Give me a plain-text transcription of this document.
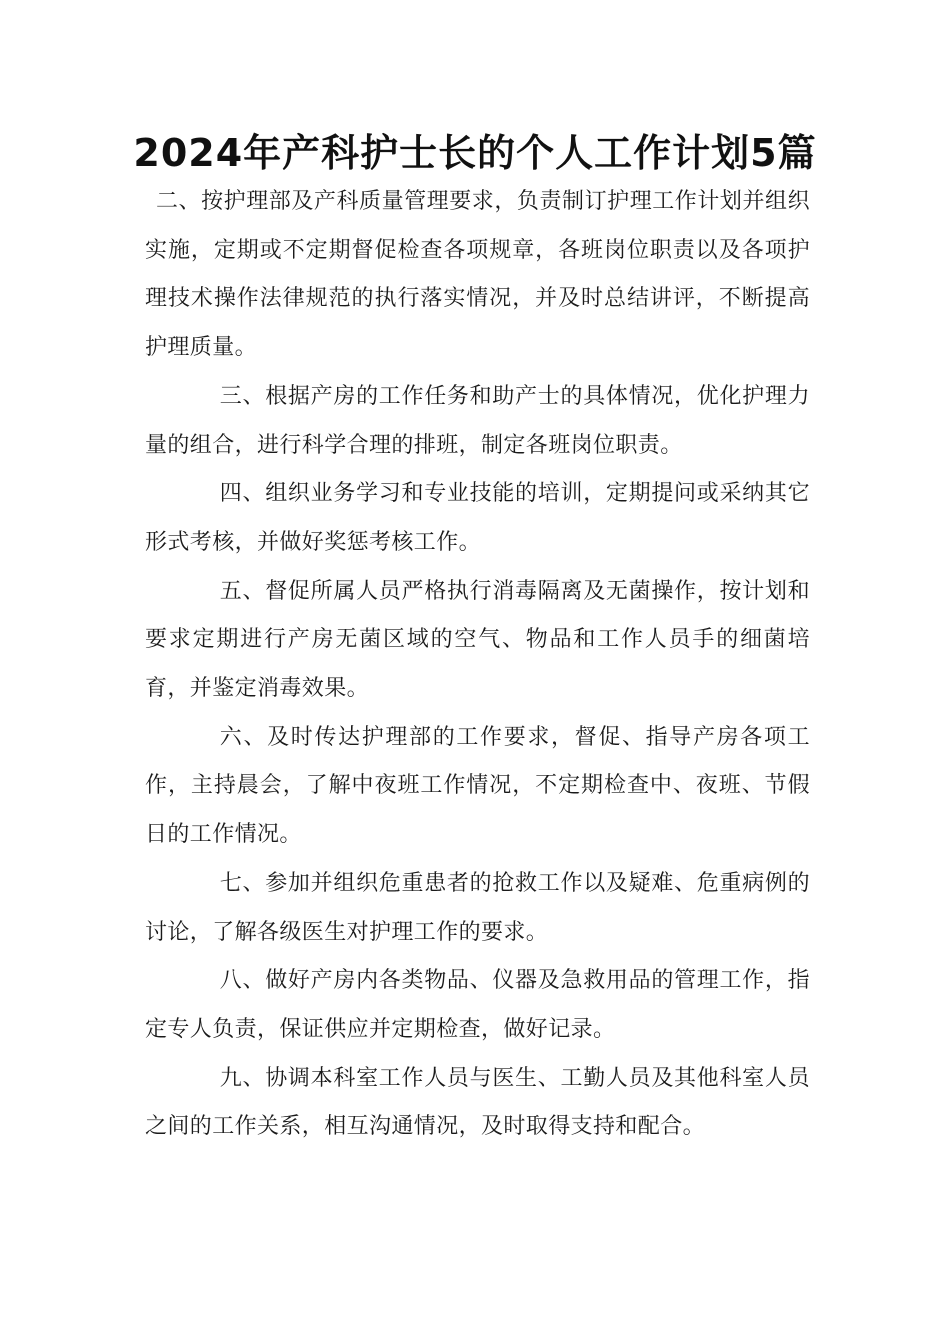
2024年产科护士长的个人工作计划5篇

二、按护理部及产科质量管理要求，负责制订护理工作计划并组织实施，定期或不定期督促检查各项规章，各班岗位职责以及各项护理技术操作法律规范的执行落实情况，并及时总结讲评，不断提高护理质量。

三、根据产房的工作任务和助产士的具体情况，优化护理力量的组合，进行科学合理的排班，制定各班岗位职责。

四、组织业务学习和专业技能的培训，定期提问或采纳其它形式考核，并做好奖惩考核工作。

五、督促所属人员严格执行消毒隔离及无菌操作，按计划和要求定期进行产房无菌区域的空气、物品和工作人员手的细菌培育，并鉴定消毒效果。

六、及时传达护理部的工作要求，督促、指导产房各项工作，主持晨会，了解中夜班工作情况，不定期检查中、夜班、节假日的工作情况。

七、参加并组织危重患者的抢救工作以及疑难、危重病例的讨论，了解各级医生对护理工作的要求。

八、做好产房内各类物品、仪器及急救用品的管理工作，指定专人负责，保证供应并定期检查，做好记录。

九、协调本科室工作人员与医生、工勤人员及其他科室人员之间的工作关系，相互沟通情况，及时取得支持和配合。
